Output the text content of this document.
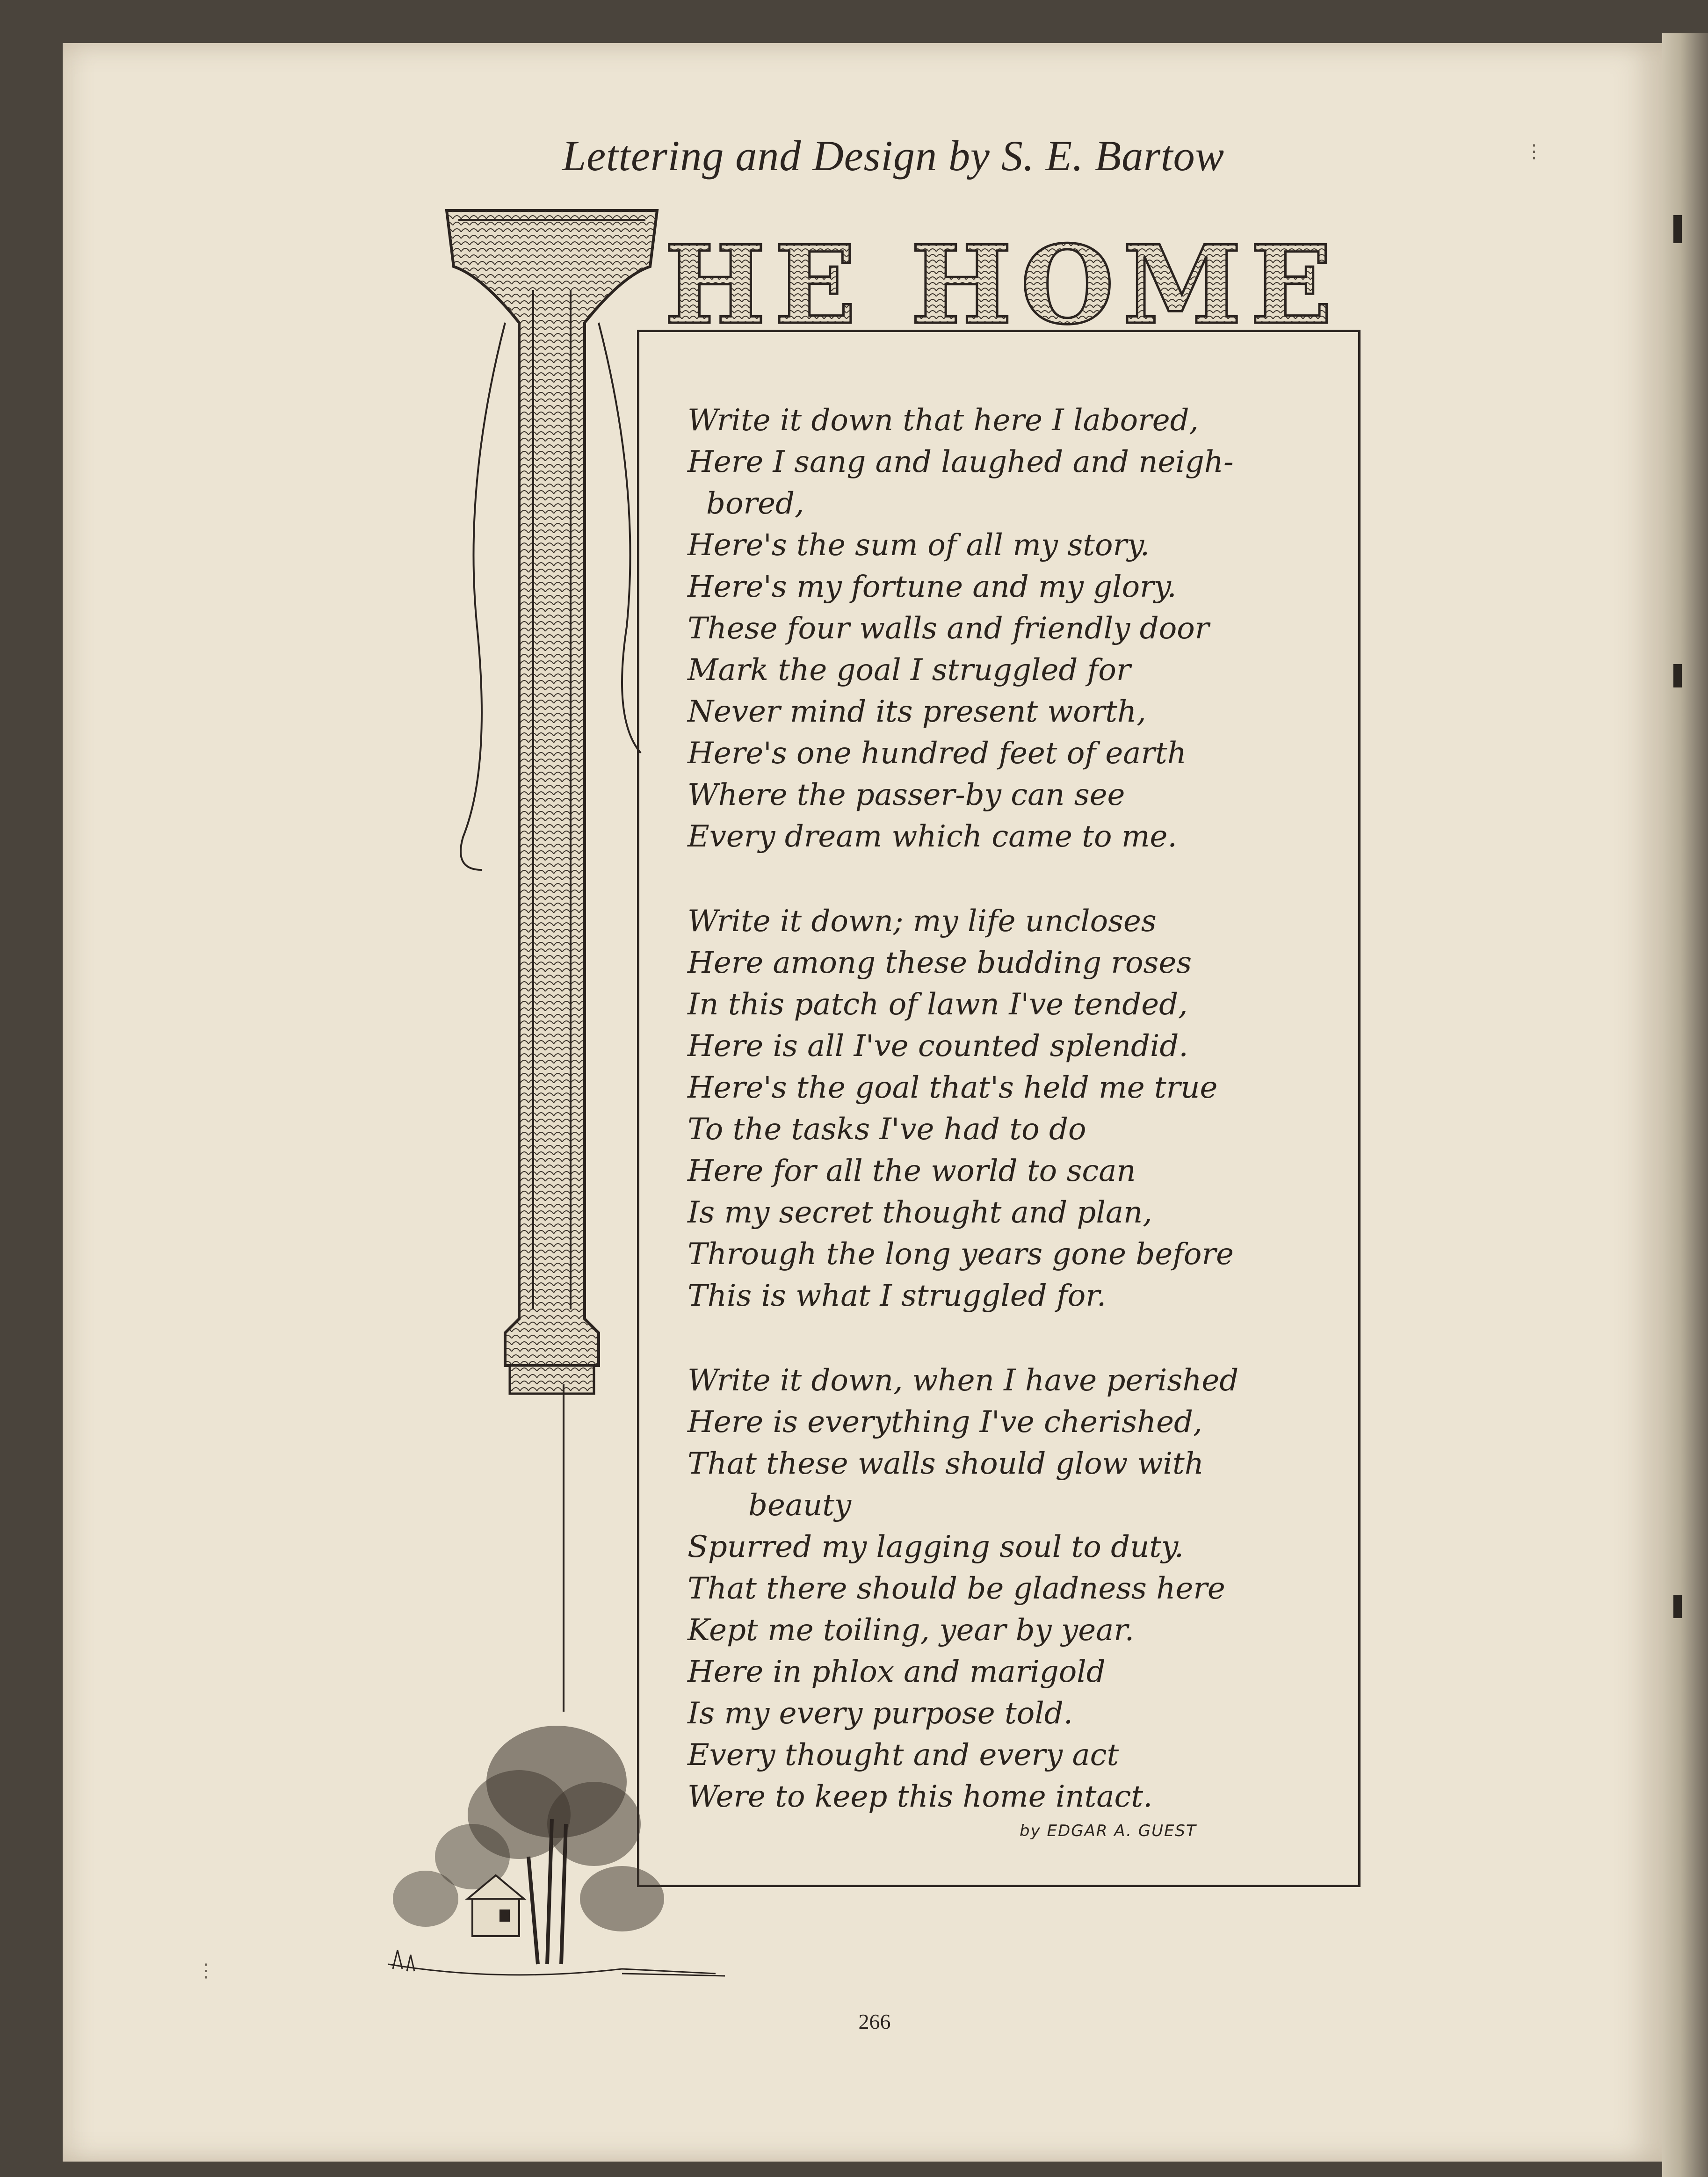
Lettering and Design by S. E. Bartow
HE HOME
Write it down that here I labored,
Here I sang and laughed and neigh-
bored,
Here's the sum of all my story.
Here's my fortune and my glory.
These four walls and friendly door
Mark the goal I struggled for
Never mind its present worth,
Here's one hundred feet of earth
Where the passer-by can see
Every dream which came to me.
Write it down; my life uncloses
Here among these budding roses
In this patch of lawn I've tended,
Here is all I've counted splendid.
Here's the goal that's held me true
To the tasks I've had to do
Here for all the world to scan
Is my secret thought and plan,
Through the long years gone before
This is what I struggled for.
Write it down, when I have perished
Here is everything I've cherished,
That these walls should glow with
beauty
Spurred my lagging soul to duty.
That there should be gladness here
Kept me toiling, year by year.
Here in phlox and marigold
Is my every purpose told.
Every thought and every act
Were to keep this home intact.
by EDGAR A. GUEST
266
⋮
⋮
